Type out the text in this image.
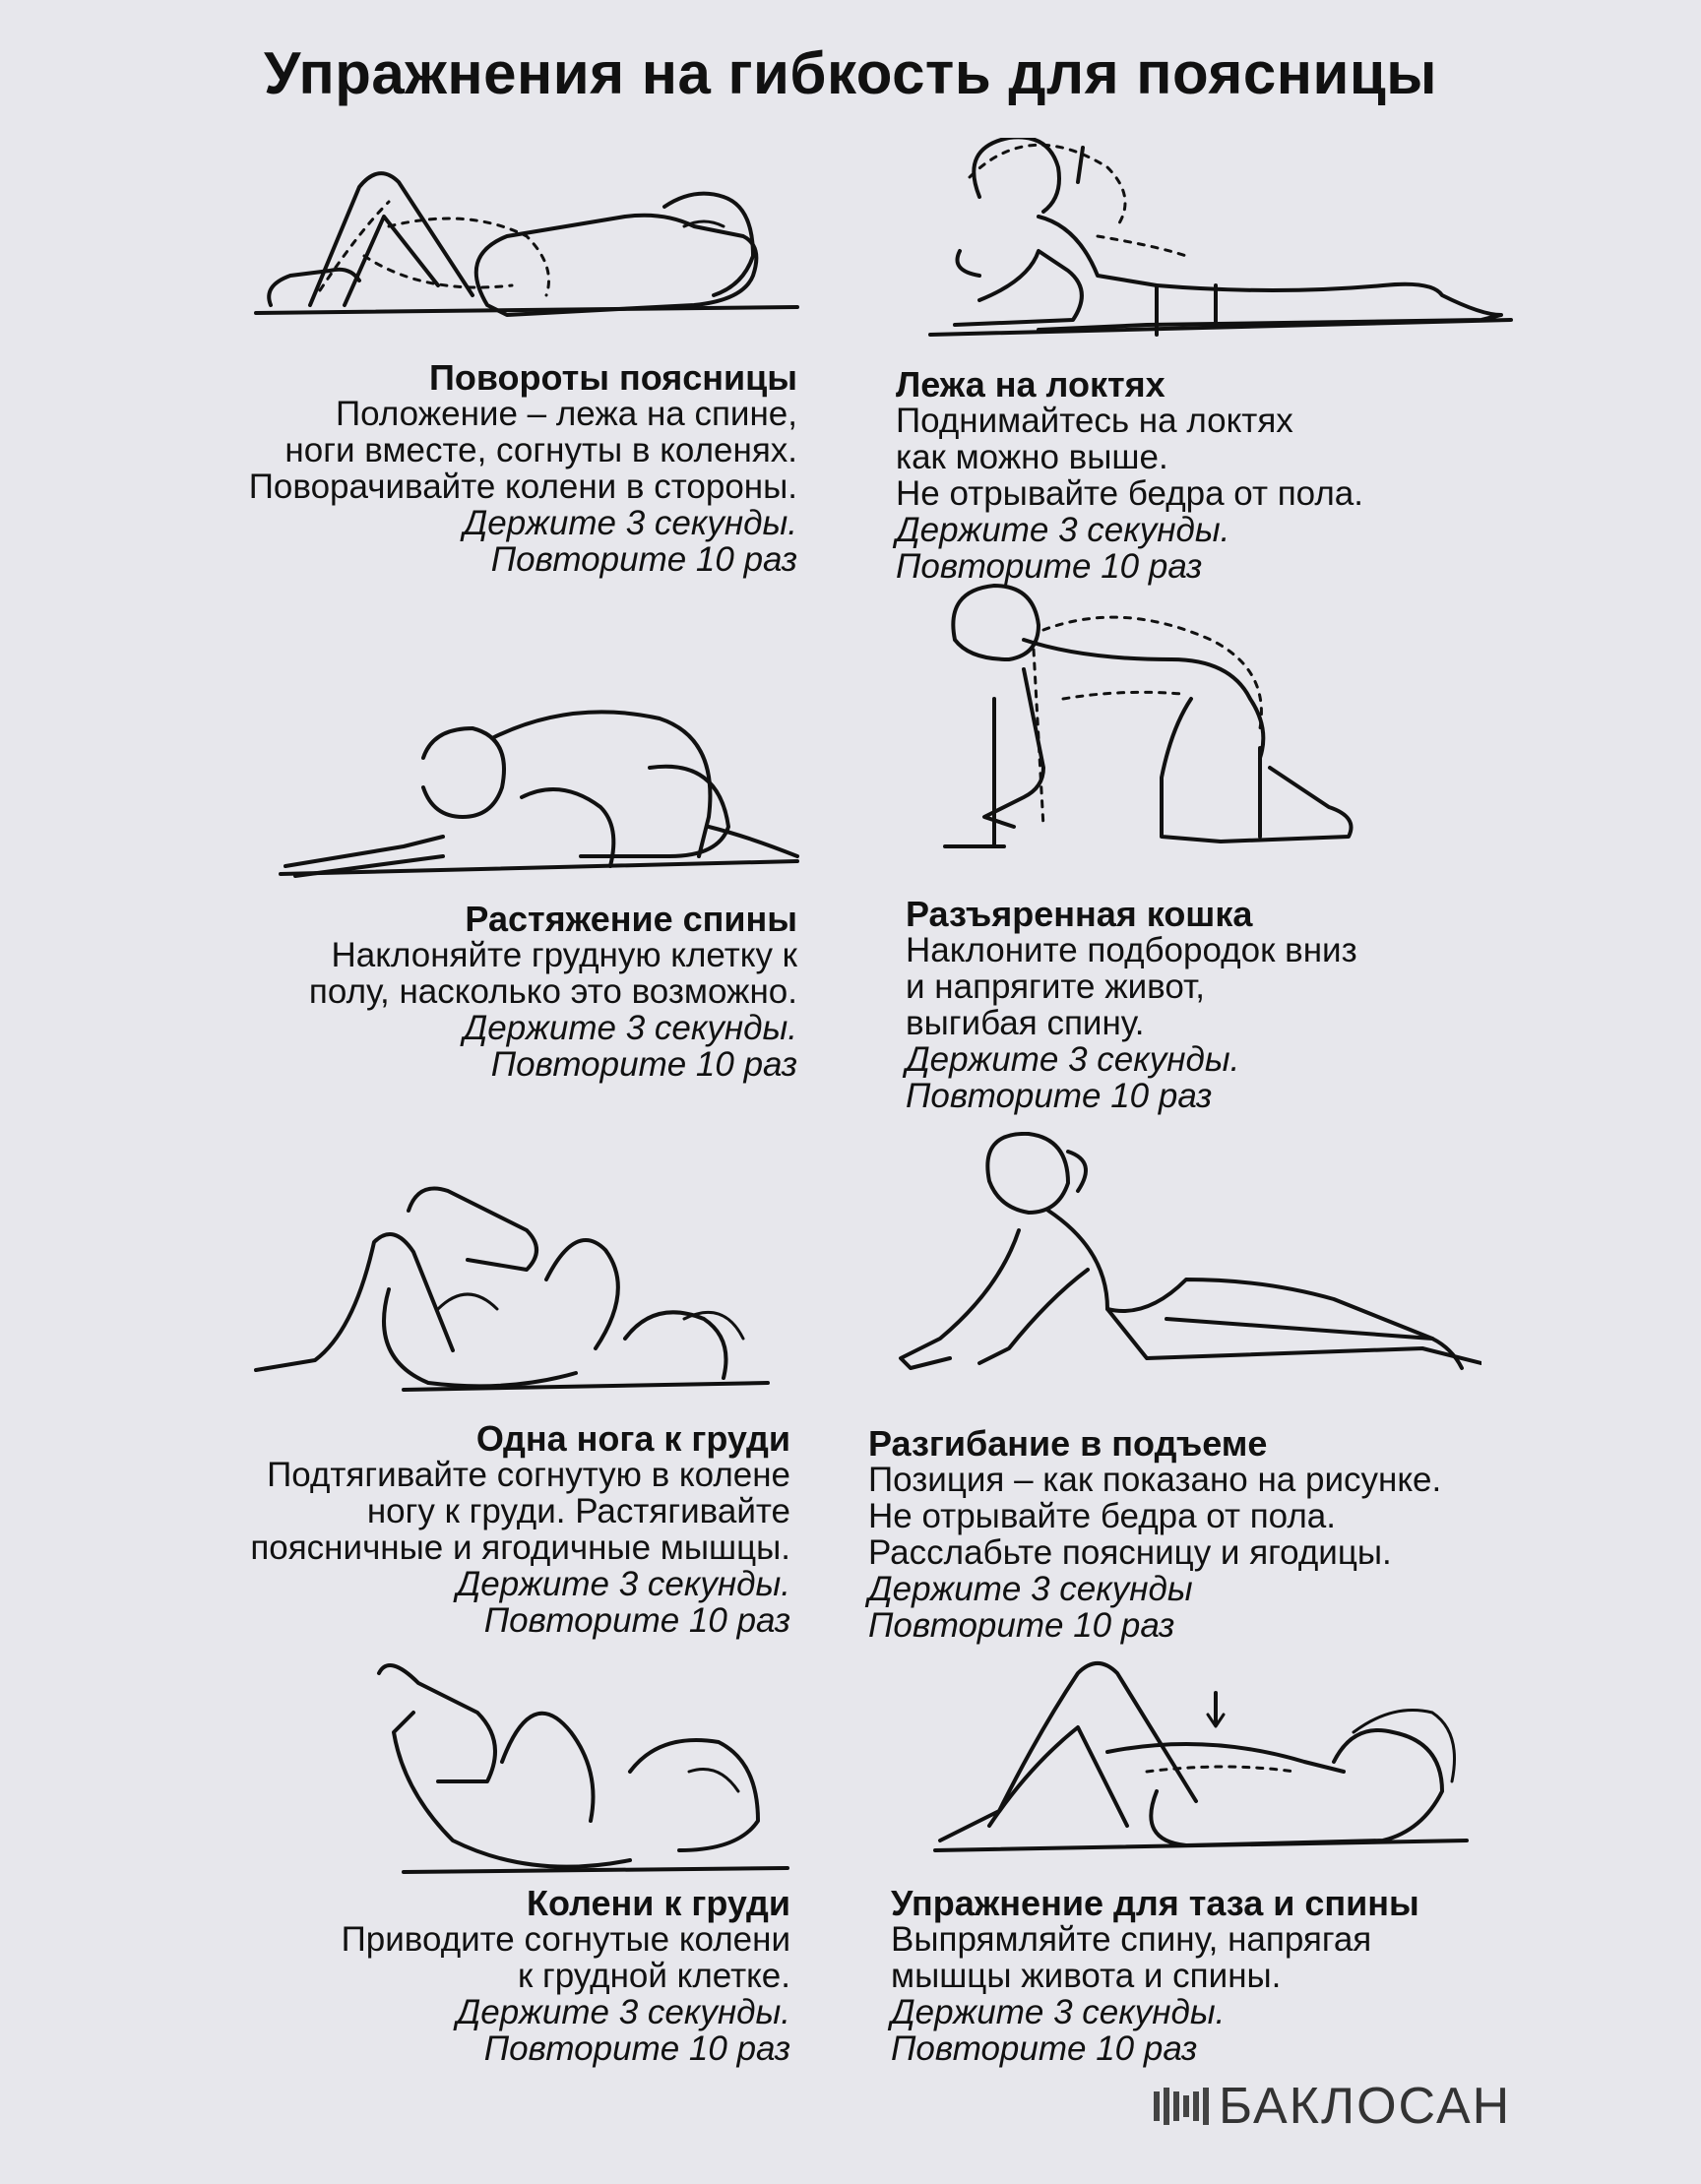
Упражнения на гибкость для поясницы
Повороты поясницы
Положение – лежа на спине,
ноги вместе, согнуты в коленях.
Поворачивайте колени в стороны.
Держите 3 секунды.
Повторите 10 раз
Лежа на локтях
Поднимайтесь на локтях
как можно выше.
Не отрывайте бедра от пола.
Держите 3 секунды.
Повторите 10 раз
Растяжение спины
Наклоняйте грудную клетку к
полу, насколько это возможно.
Держите 3 секунды.
Повторите 10 раз
Разъяренная кошка
Наклоните подбородок вниз
и напрягите живот,
выгибая спину.
Держите 3 секунды.
Повторите 10 раз
Одна нога к груди
Подтягивайте согнутую в колене
ногу к груди. Растягивайте
поясничные и ягодичные мышцы.
Держите 3 секунды.
Повторите 10 раз
Разгибание в подъеме
Позиция – как показано на рисунке.
Не отрывайте бедра от пола.
Расслабьте поясницу и ягодицы.
Держите 3 секунды
Повторите 10 раз
Колени к груди
Приводите согнутые колени
к грудной клетке.
Держите 3 секунды.
Повторите 10 раз
Упражнение для таза и спины
Выпрямляйте спину, напрягая
мышцы живота и спины.
Держите 3 секунды.
Повторите 10 раз
БАКЛОСАН
